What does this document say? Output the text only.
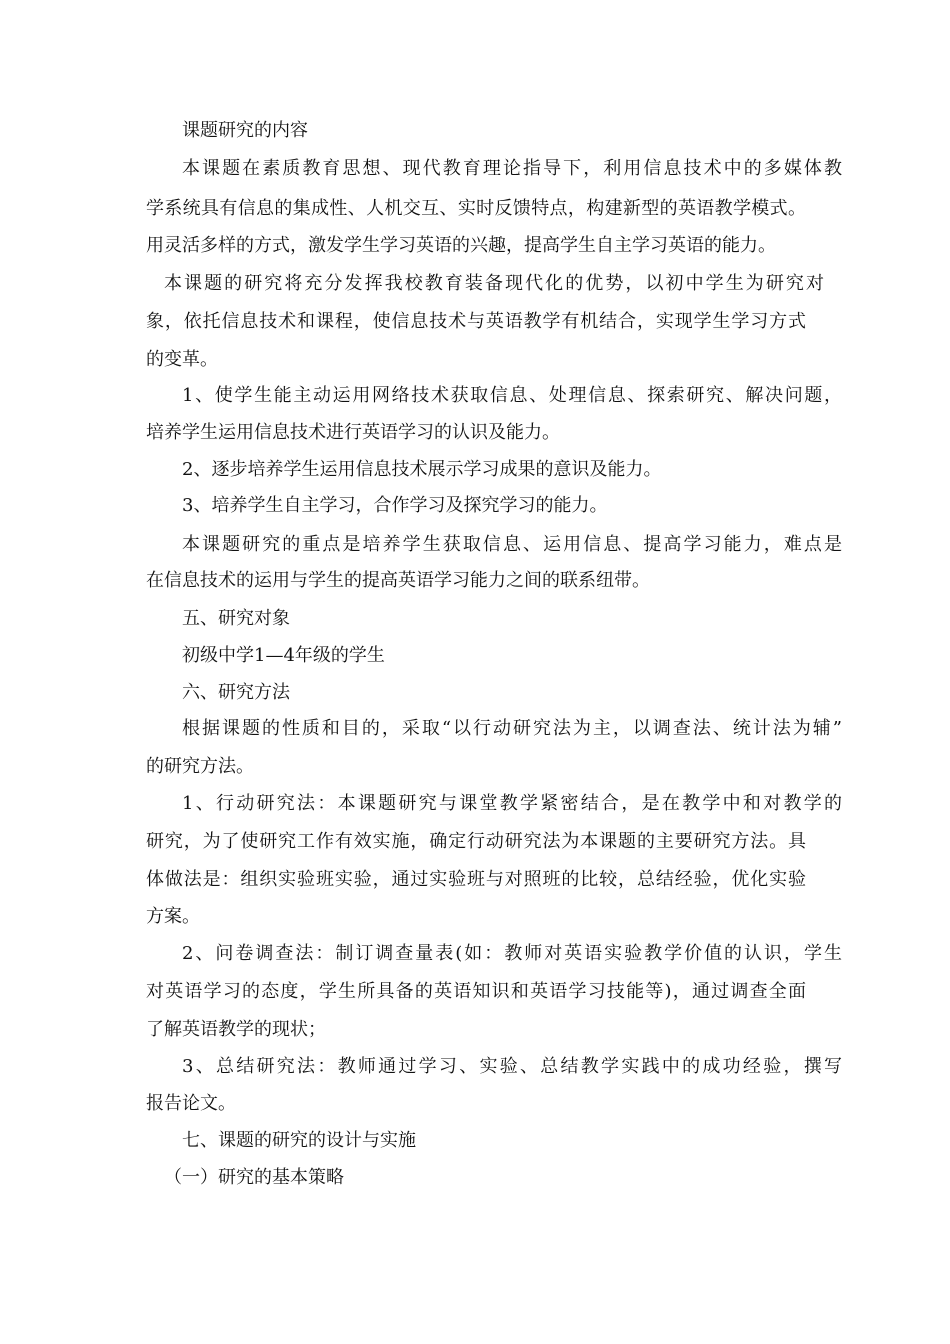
课题研究的内容
本课题在素质教育思想、现代教育理论指导下，利用信息技术中的多媒体教
学系统具有信息的集成性、人机交互、实时反馈特点，构建新型的英语教学模式。
用灵活多样的方式，激发学生学习英语的兴趣，提高学生自主学习英语的能力。
本课题的研究将充分发挥我校教育装备现代化的优势，以初中学生为研究对
象，依托信息技术和课程，使信息技术与英语教学有机结合，实现学生学习方式
的变革。
1、使学生能主动运用网络技术获取信息、处理信息、探索研究、解决问题，
培养学生运用信息技术进行英语学习的认识及能力。
2、逐步培养学生运用信息技术展示学习成果的意识及能力。
3、培养学生自主学习，合作学习及探究学习的能力。
本课题研究的重点是培养学生获取信息、运用信息、提高学习能力，难点是
在信息技术的运用与学生的提高英语学习能力之间的联系纽带。
五、研究对象
初级中学1—4年级的学生
六、研究方法
根据课题的性质和目的，采取“以行动研究法为主，以调查法、统计法为辅”
的研究方法。
1、行动研究法：本课题研究与课堂教学紧密结合，是在教学中和对教学的
研究，为了使研究工作有效实施，确定行动研究法为本课题的主要研究方法。具
体做法是：组织实验班实验，通过实验班与对照班的比较，总结经验，优化实验
方案。
2、问卷调查法：制订调查量表(如：教师对英语实验教学价值的认识，学生
对英语学习的态度，学生所具备的英语知识和英语学习技能等)，通过调查全面
了解英语教学的现状；
3、总结研究法：教师通过学习、实验、总结教学实践中的成功经验，撰写
报告论文。
七、课题的研究的设计与实施
（一）研究的基本策略
